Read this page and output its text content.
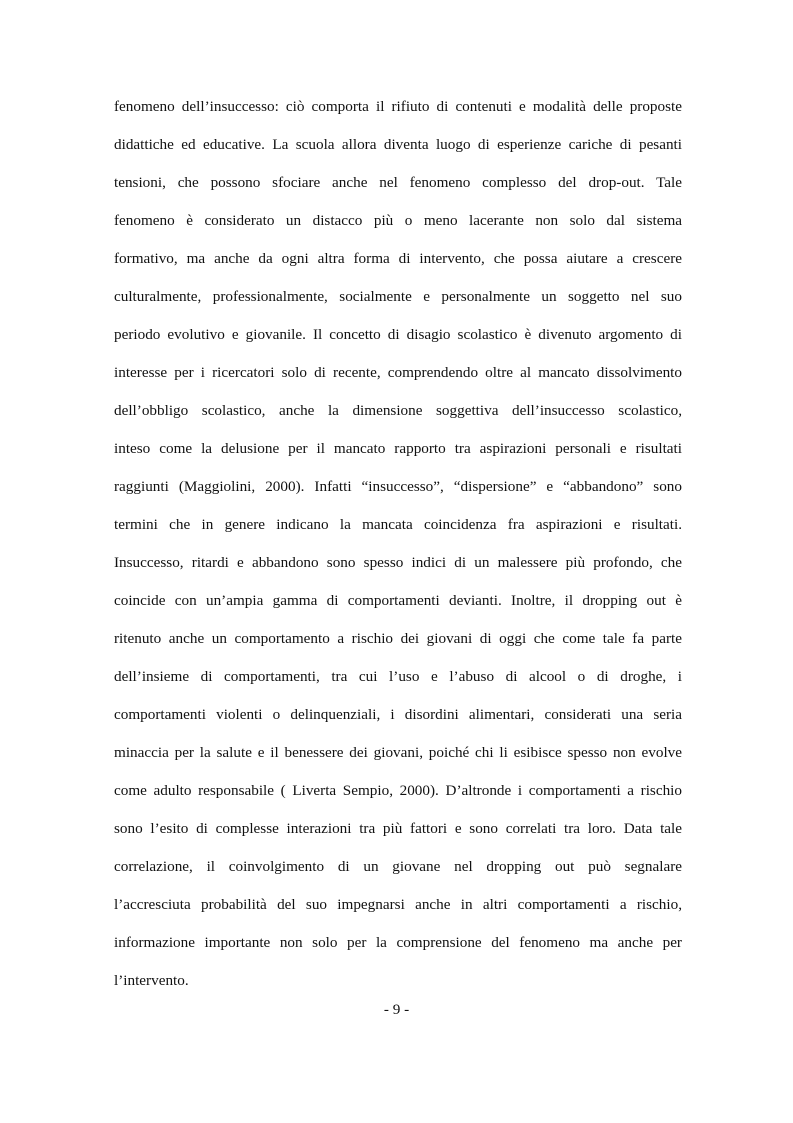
fenomeno dell’insuccesso: ciò comporta il rifiuto di contenuti e modalità delle proposte
didattiche ed educative. La scuola allora diventa luogo di esperienze cariche di pesanti
tensioni, che possono sfociare anche nel fenomeno complesso del drop-out. Tale
fenomeno è considerato un distacco più o meno lacerante non solo dal sistema
formativo, ma anche da ogni altra forma di intervento, che possa aiutare a crescere
culturalmente, professionalmente, socialmente e personalmente un soggetto nel suo
periodo evolutivo e giovanile. Il concetto di disagio scolastico è divenuto argomento di
interesse per i ricercatori solo di recente, comprendendo oltre al mancato dissolvimento
dell’obbligo scolastico, anche la dimensione soggettiva dell’insuccesso scolastico,
inteso come la delusione per il mancato rapporto tra aspirazioni personali e risultati
raggiunti (Maggiolini, 2000). Infatti “insuccesso”, “dispersione” e “abbandono” sono
termini che in genere indicano la mancata coincidenza fra aspirazioni e risultati.
Insuccesso, ritardi e abbandono sono spesso indici di un malessere più profondo, che
coincide con un’ampia gamma di comportamenti devianti. Inoltre, il dropping out è
ritenuto anche un comportamento a rischio dei giovani di oggi che come tale fa parte
dell’insieme di comportamenti, tra cui l’uso e l’abuso di alcool o di droghe, i
comportamenti violenti o delinquenziali, i disordini alimentari, considerati una seria
minaccia per la salute e il benessere dei giovani, poiché chi li esibisce spesso non evolve
come adulto responsabile ( Liverta Sempio, 2000). D’altronde i comportamenti a rischio
sono l’esito di complesse interazioni tra più fattori e sono correlati tra loro. Data tale
correlazione, il coinvolgimento di un giovane nel dropping out può segnalare
l’accresciuta probabilità del suo impegnarsi anche in altri comportamenti a rischio,
informazione importante non solo per la comprensione del fenomeno ma anche per
l’intervento.
- 9 -
